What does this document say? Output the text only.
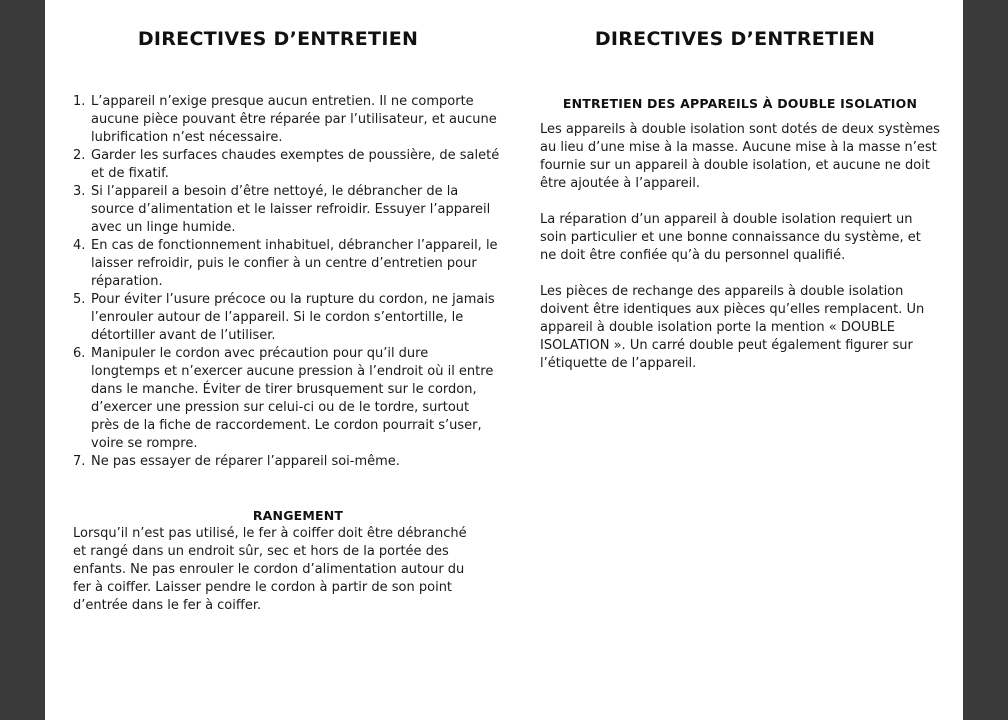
DIRECTIVES D’ENTRETIEN
1. L’appareil n’exige presque aucun entretien. Il ne comporte aucune pièce pouvant être réparée par l’utilisateur, et aucune lubrification n’est nécessaire.
2. Garder les surfaces chaudes exemptes de poussière, de saleté et de fixatif.
3. Si l’appareil a besoin d’être nettoyé, le débrancher de la source d’alimentation et le laisser refroidir. Essuyer l’appareil avec un linge humide.
4. En cas de fonctionnement inhabituel, débrancher l’appareil, le laisser refroidir, puis le confier à un centre d’entretien pour réparation.
5. Pour éviter l’usure précoce ou la rupture du cordon, ne jamais l’enrouler autour de l’appareil. Si le cordon s’entortille, le détortiller avant de l’utiliser.
6. Manipuler le cordon avec précaution pour qu’il dure longtemps et n’exercer aucune pression à l’endroit où il entre dans le manche. Éviter de tirer brusquement sur le cordon, d’exercer une pression sur celui-ci ou de le tordre, surtout près de la fiche de raccordement. Le cordon pourrait s’user, voire se rompre.
7. Ne pas essayer de réparer l’appareil soi-même.
RANGEMENT

Lorsqu’il n’est pas utilisé, le fer à coiffer doit être débranché et rangé dans un endroit sûr, sec et hors de la portée des enfants. Ne pas enrouler le cordon d’alimentation autour du fer à coiffer. Laisser pendre le cordon à partir de son point d’entrée dans le fer à coiffer.

DIRECTIVES D’ENTRETIEN
ENTRETIEN DES APPAREILS À DOUBLE ISOLATION

Les appareils à double isolation sont dotés de deux systèmes au lieu d’une mise à la masse. Aucune mise à la masse n’est fournie sur un appareil à double isolation, et aucune ne doit être ajoutée à l’appareil.

La réparation d’un appareil à double isolation requiert un soin particulier et une bonne connaissance du système, et ne doit être confiée qu’à du personnel qualifié.

Les pièces de rechange des appareils à double isolation doivent être identiques aux pièces qu’elles remplacent. Un appareil à double isolation porte la mention « DOUBLE ISOLATION ». Un carré double peut également figurer sur l’étiquette de l’appareil.
